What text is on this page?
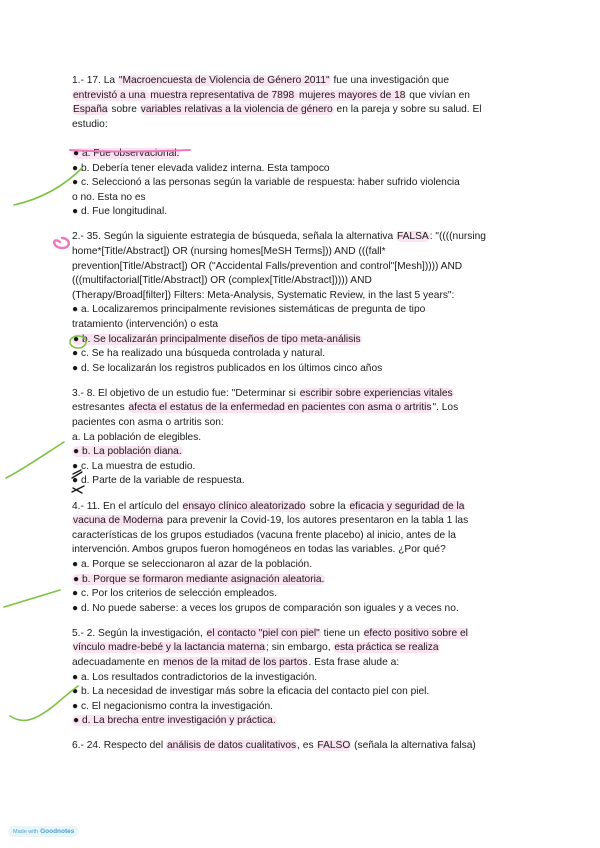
1.- 17. La "Macroencuesta de Violencia de Género 2011" fue una investigación que
entrevistó a una muestra representativa de 7898 mujeres mayores de 18 que vivían en
España sobre variables relativas a la violencia de género en la pareja y sobre su salud. El
estudio:
● a. Fue observacional.
● b. Debería tener elevada validez interna. Esta tampoco
● c. Seleccionó a las personas según la variable de respuesta: haber sufrido violencia
o no. Esta no es
● d. Fue longitudinal.
2.- 35. Según la siguiente estrategia de búsqueda, señala la alternativa FALSA: "((((nursing
home*[Title/Abstract]) OR (nursing homes[MeSH Terms])) AND (((fall*
prevention[Title/Abstract]) OR ("Accidental Falls/prevention and control"[Mesh])))) AND
(((multifactorial[Title/Abstract]) OR (complex[Title/Abstract])))) AND
(Therapy/Broad[filter]) Filters: Meta-Analysis, Systematic Review, in the last 5 years":
● a. Localizaremos principalmente revisiones sistemáticas de pregunta de tipo
tratamiento (intervención) o esta
● b. Se localizarán principalmente diseños de tipo meta-análisis
● c. Se ha realizado una búsqueda controlada y natural.
● d. Se localizarán los registros publicados en los últimos cinco años
3.- 8. El objetivo de un estudio fue: "Determinar si escribir sobre experiencias vitales
estresantes afecta el estatus de la enfermedad en pacientes con asma o artritis". Los
pacientes con asma o artritis son:
a. La población de elegibles.
● b. La población diana.
● c. La muestra de estudio.
● d. Parte de la variable de respuesta.
4.- 11. En el artículo del ensayo clínico aleatorizado sobre la eficacia y seguridad de la
vacuna de Moderna para prevenir la Covid-19, los autores presentaron en la tabla 1 las
características de los grupos estudiados (vacuna frente placebo) al inicio, antes de la
intervención. Ambos grupos fueron homogéneos en todas las variables. ¿Por qué?
● a. Porque se seleccionaron al azar de la población.
● b. Porque se formaron mediante asignación aleatoria.
● c. Por los criterios de selección empleados.
● d. No puede saberse: a veces los grupos de comparación son iguales y a veces no.
5.- 2. Según la investigación, el contacto "piel con piel" tiene un efecto positivo sobre el
vínculo madre-bebé y la lactancia materna; sin embargo, esta práctica se realiza
adecuadamente en menos de la mitad de los partos. Esta frase alude a:
● a. Los resultados contradictorios de la investigación.
● b. La necesidad de investigar más sobre la eficacia del contacto piel con piel.
● c. El negacionismo contra la investigación.
● d. La brecha entre investigación y práctica.
6.- 24. Respecto del análisis de datos cualitativos, es FALSO (señala la alternativa falsa)
Made with Goodnotes
